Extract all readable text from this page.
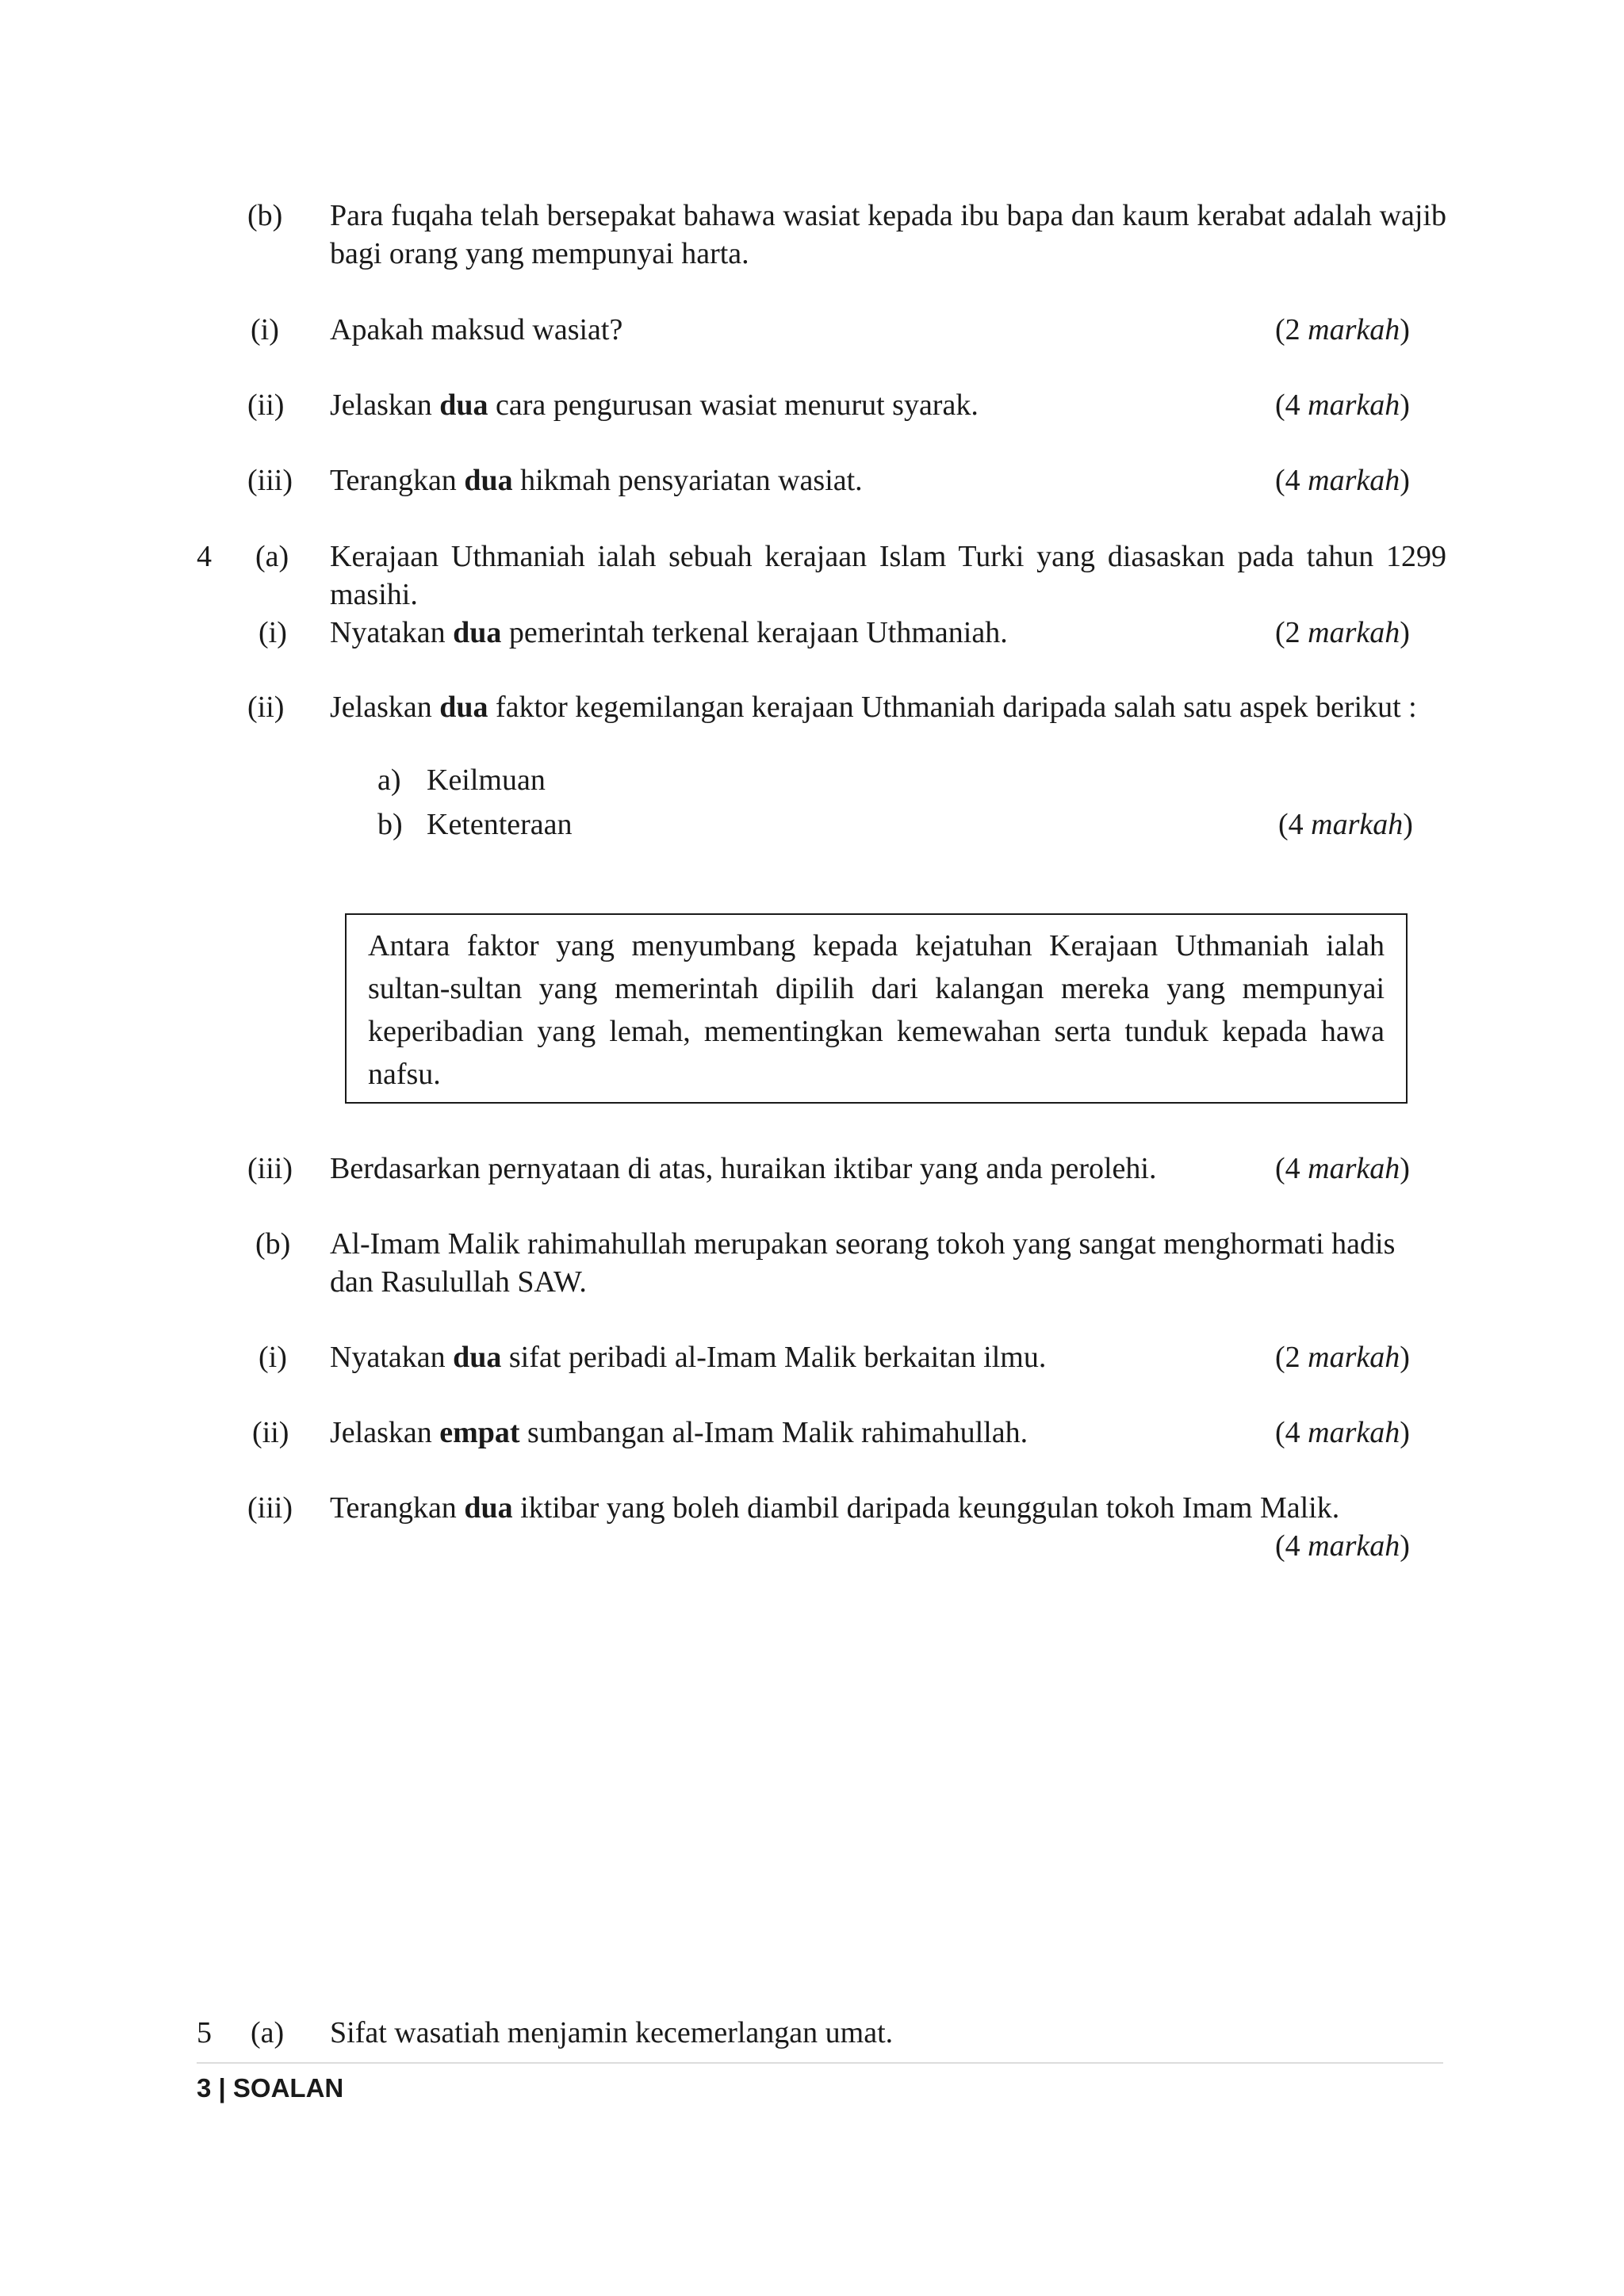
(b) Para fuqaha telah bersepakat bahawa wasiat kepada ibu bapa dan kaum kerabat adalah wajib bagi orang yang mempunyai harta.
(i) Apakah maksud wasiat?	(2 markah)
(ii) Jelaskan dua cara pengurusan wasiat menurut syarak.	(4 markah)
(iii) Terangkan dua hikmah pensyariatan wasiat.	(4 markah)
4 (a) Kerajaan Uthmaniah ialah sebuah kerajaan Islam Turki yang diasaskan pada tahun 1299 masihi.
(i) Nyatakan dua pemerintah terkenal kerajaan Uthmaniah.	(2 markah)
(ii) Jelaskan dua faktor kegemilangan kerajaan Uthmaniah daripada salah satu aspek berikut :
a) Keilmuan
b) Ketenteraan	(4 markah)
Antara faktor yang menyumbang kepada kejatuhan Kerajaan Uthmaniah ialah sultan-sultan yang memerintah dipilih dari kalangan mereka yang mempunyai keperibadian yang lemah, mementingkan kemewahan serta tunduk kepada hawa nafsu.
(iii) Berdasarkan pernyataan di atas, huraikan iktibar yang anda perolehi.	(4 markah)
(b) Al-Imam Malik rahimahullah merupakan seorang tokoh yang sangat menghormati hadis dan Rasulullah SAW.
(i) Nyatakan dua sifat peribadi al-Imam Malik berkaitan ilmu.	(2 markah)
(ii) Jelaskan empat sumbangan al-Imam Malik rahimahullah.	(4 markah)
(iii) Terangkan dua iktibar yang boleh diambil daripada keunggulan tokoh Imam Malik.
(4 markah)
5 (a) Sifat wasatiah menjamin kecemerlangan umat.
3 | SOALAN
